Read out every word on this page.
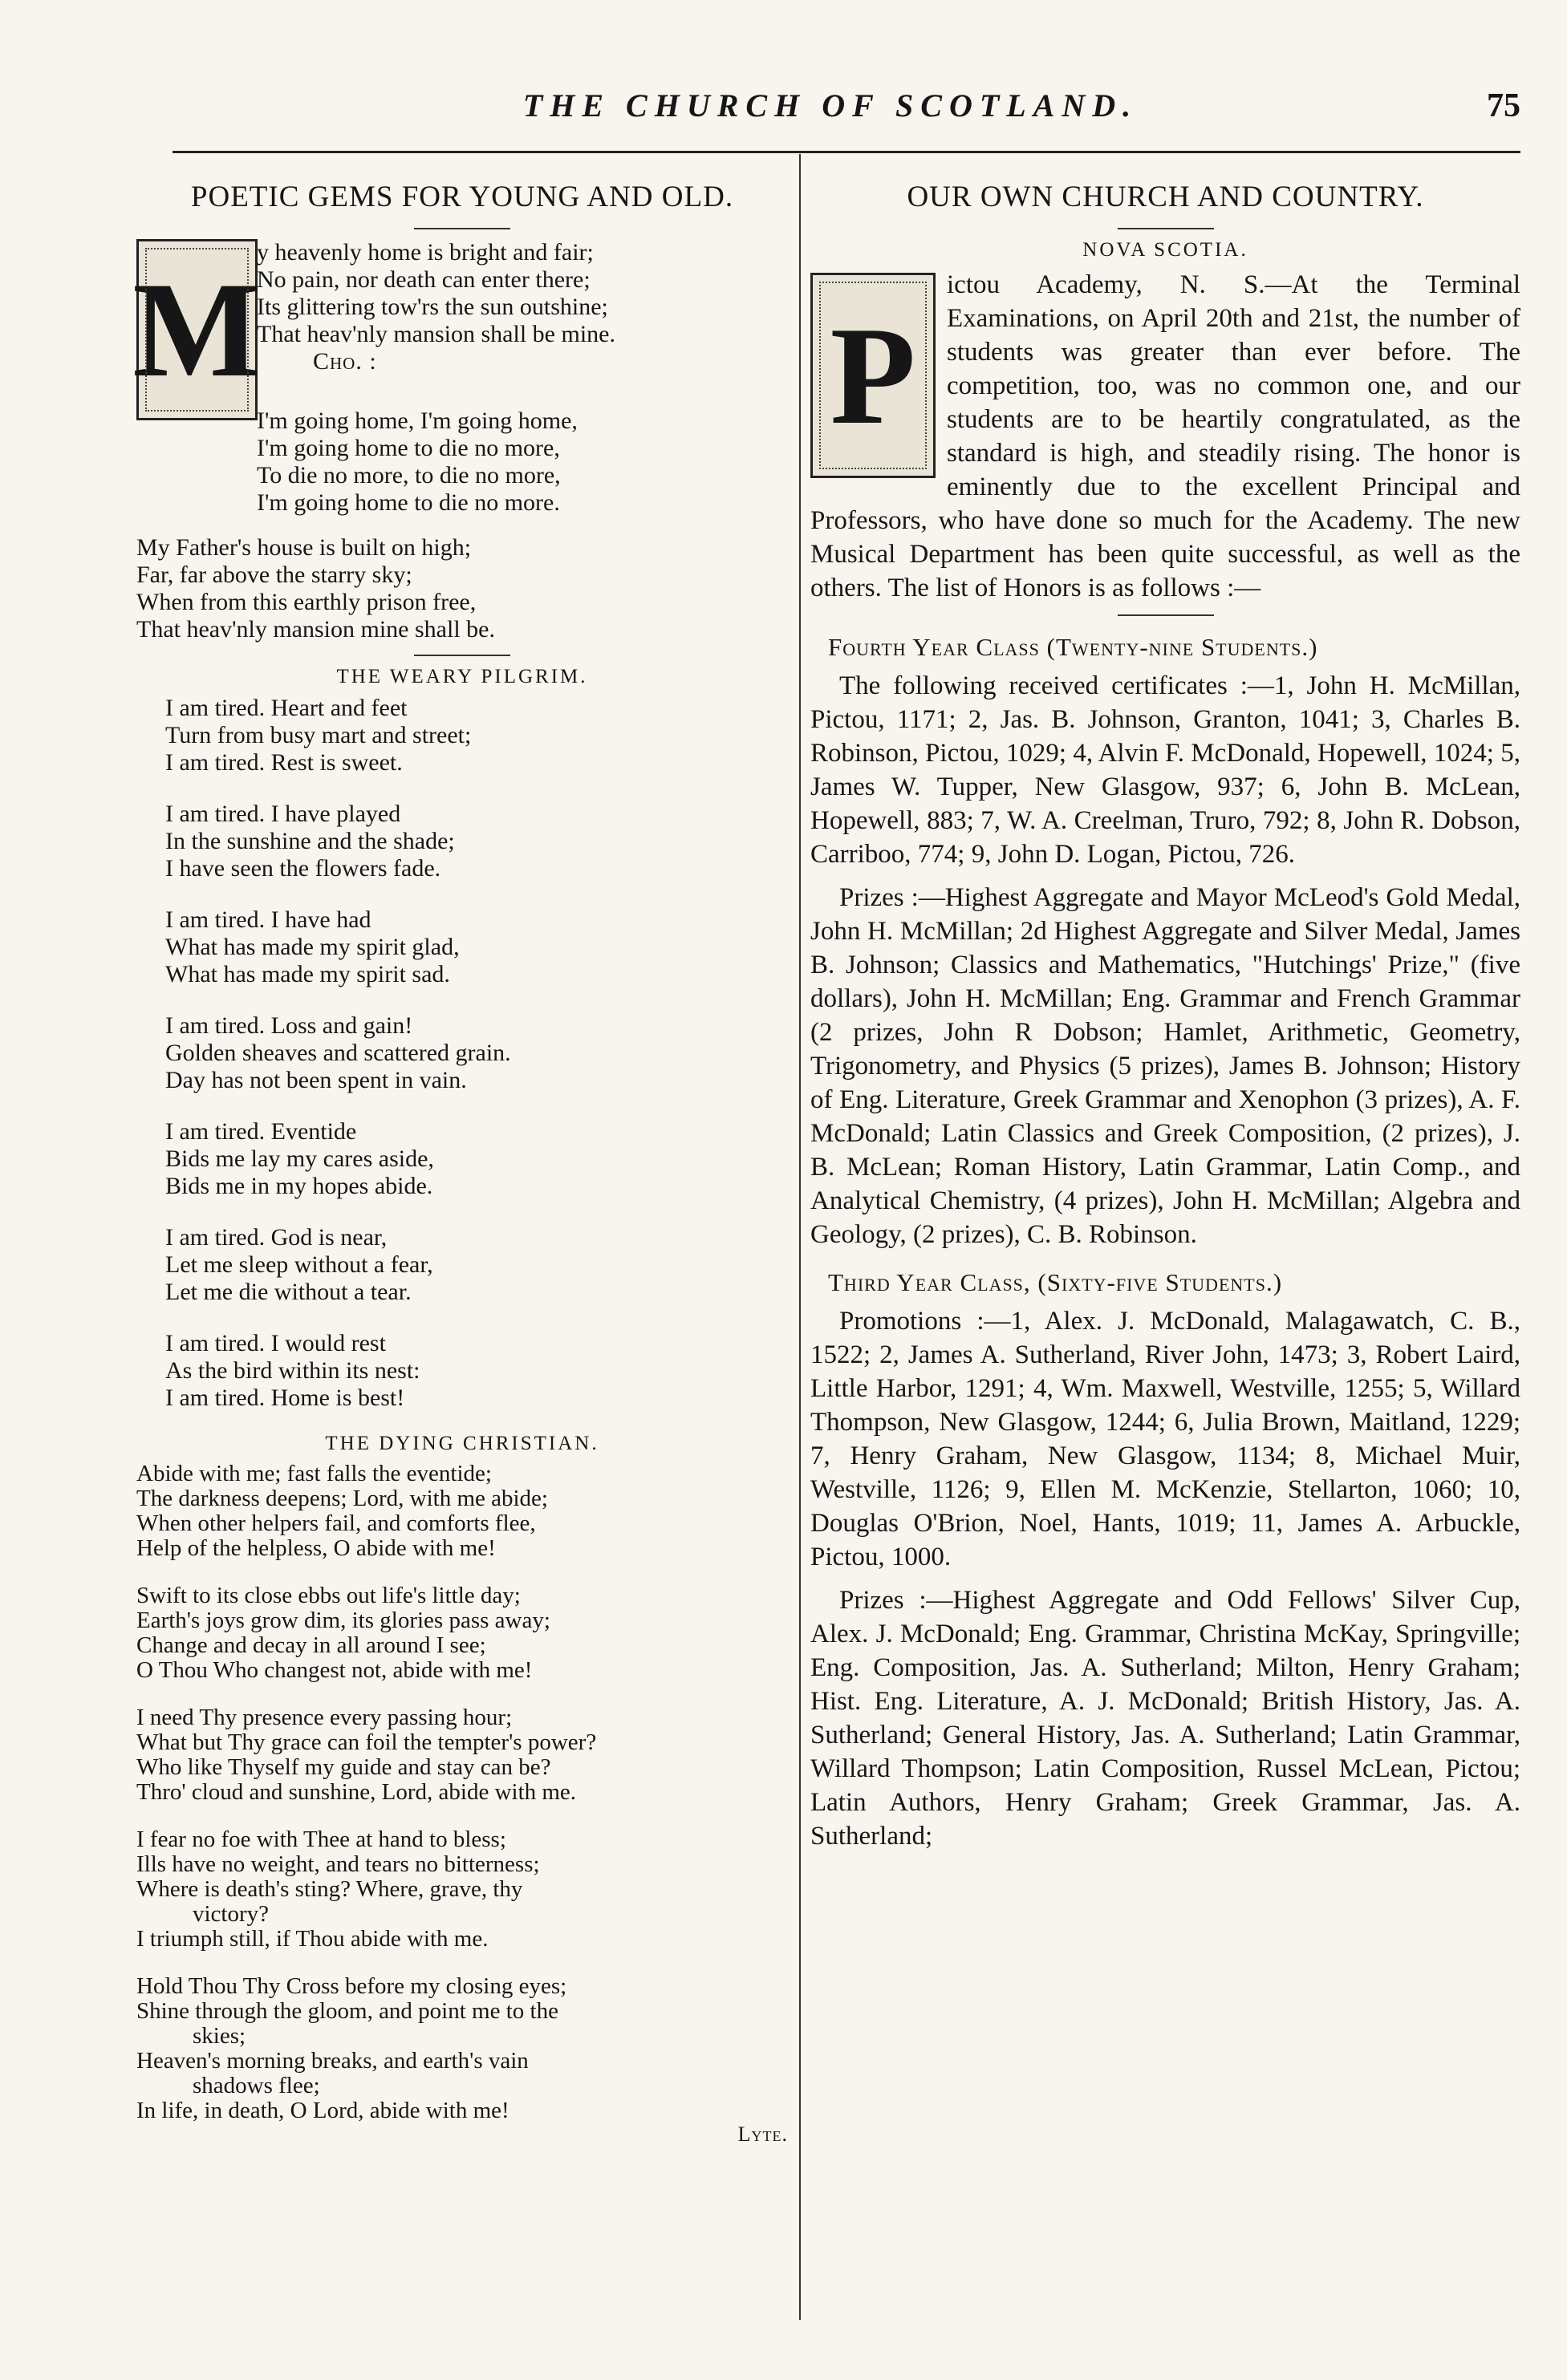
THE CHURCH OF SCOTLAND.	75
POETIC GEMS FOR YOUNG AND OLD.
M
y heavenly home is bright and fair;
No pain, nor death can enter there;
Its glittering tow'rs the sun outshine;
That heav'nly mansion shall be mine.
Cho. :
I'm going home, I'm going home,
I'm going home to die no more,
To die no more, to die no more,
I'm going home to die no more.
My Father's house is built on high;
Far, far above the starry sky;
When from this earthly prison free,
That heav'nly mansion mine shall be.
THE WEARY PILGRIM.
I am tired. Heart and feet
Turn from busy mart and street;
I am tired. Rest is sweet.
I am tired. I have played
In the sunshine and the shade;
I have seen the flowers fade.
I am tired. I have had
What has made my spirit glad,
What has made my spirit sad.
I am tired. Loss and gain!
Golden sheaves and scattered grain.
Day has not been spent in vain.
I am tired. Eventide
Bids me lay my cares aside,
Bids me in my hopes abide.
I am tired. God is near,
Let me sleep without a fear,
Let me die without a tear.
I am tired. I would rest
As the bird within its nest:
I am tired. Home is best!
THE DYING CHRISTIAN.
Abide with me; fast falls the eventide;
The darkness deepens; Lord, with me abide;
When other helpers fail, and comforts flee,
Help of the helpless, O abide with me!
Swift to its close ebbs out life's little day;
Earth's joys grow dim, its glories pass away;
Change and decay in all around I see;
O Thou Who changest not, abide with me!
I need Thy presence every passing hour;
What but Thy grace can foil the tempter's power?
Who like Thyself my guide and stay can be?
Thro' cloud and sunshine, Lord, abide with me.
I fear no foe with Thee at hand to bless;
Ills have no weight, and tears no bitterness;
Where is death's sting? Where, grave, thy
victory?
I triumph still, if Thou abide with me.
Hold Thou Thy Cross before my closing eyes;
Shine through the gloom, and point me to the
skies;
Heaven's morning breaks, and earth's vain
shadows flee;
In life, in death, O Lord, abide with me!
Lyte.
OUR OWN CHURCH AND COUNTRY.
NOVA SCOTIA.

P
ictou Academy, N. S.—At the Terminal Examinations, on April 20th and 21st, the number of students was greater than ever before. The competition, too, was no common one, and our students are to be heartily congratulated, as the standard is high, and steadily rising. The honor is eminently due to the excellent Principal and Professors, who have done so much for the Academy. The new Musical Department has been quite successful, as well as the others. The list of Honors is as follows :—

Fourth Year Class (Twenty-nine Students.)

The following received certificates :—1, John H. McMillan, Pictou, 1171; 2, Jas. B. Johnson, Granton, 1041; 3, Charles B. Robinson, Pictou, 1029; 4, Alvin F. McDonald, Hopewell, 1024; 5, James W. Tupper, New Glasgow, 937; 6, John B. McLean, Hopewell, 883; 7, W. A. Creelman, Truro, 792; 8, John R. Dobson, Carriboo, 774; 9, John D. Logan, Pictou, 726.

Prizes :—Highest Aggregate and Mayor McLeod's Gold Medal, John H. McMillan; 2d Highest Aggregate and Silver Medal, James B. Johnson; Classics and Mathematics, "Hutchings' Prize," (five dollars), John H. McMillan; Eng. Grammar and French Grammar (2 prizes, John R Dobson; Hamlet, Arithmetic, Geometry, Trigonometry, and Physics (5 prizes), James B. Johnson; History of Eng. Literature, Greek Grammar and Xenophon (3 prizes), A. F. McDonald; Latin Classics and Greek Composition, (2 prizes), J. B. McLean; Roman History, Latin Grammar, Latin Comp., and Analytical Chemistry, (4 prizes), John H. McMillan; Algebra and Geology, (2 prizes), C. B. Robinson.

Third Year Class, (Sixty-five Students.)

Promotions :—1, Alex. J. McDonald, Malagawatch, C. B., 1522; 2, James A. Sutherland, River John, 1473; 3, Robert Laird, Little Harbor, 1291; 4, Wm. Maxwell, Westville, 1255; 5, Willard Thompson, New Glasgow, 1244; 6, Julia Brown, Maitland, 1229; 7, Henry Graham, New Glasgow, 1134; 8, Michael Muir, Westville, 1126; 9, Ellen M. McKenzie, Stellarton, 1060; 10, Douglas O'Brion, Noel, Hants, 1019; 11, James A. Arbuckle, Pictou, 1000.

Prizes :—Highest Aggregate and Odd Fellows' Silver Cup, Alex. J. McDonald; Eng. Grammar, Christina McKay, Springville; Eng. Composition, Jas. A. Sutherland; Milton, Henry Graham; Hist. Eng. Literature, A. J. McDonald; British History, Jas. A. Sutherland; General History, Jas. A. Sutherland; Latin Grammar, Willard Thompson; Latin Composition, Russel McLean, Pictou; Latin Authors, Henry Graham; Greek Grammar, Jas. A. Sutherland;
